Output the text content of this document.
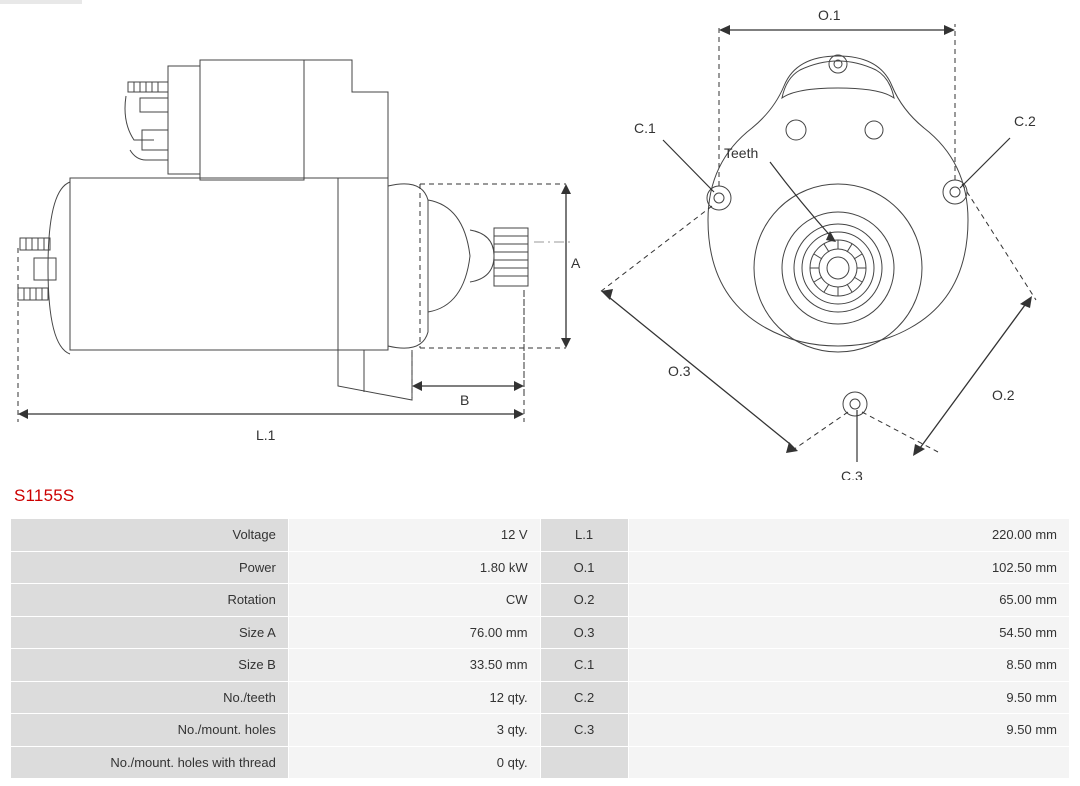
A
B
L.1
O.1
O.2
O.3
C.1	C.2
C.3
Teeth
S1155S
Voltage	12 V	L.1	220.00 mm
Power	1.80 kW	O.1	102.50 mm
Rotation	CW	O.2	65.00 mm
Size A	76.00 mm	O.3	54.50 mm
Size B	33.50 mm	C.1	8.50 mm
No./teeth	12 qty.	C.2	9.50 mm
No./mount. holes	3 qty.	C.3	9.50 mm
No./mount. holes with thread	0 qty.		
